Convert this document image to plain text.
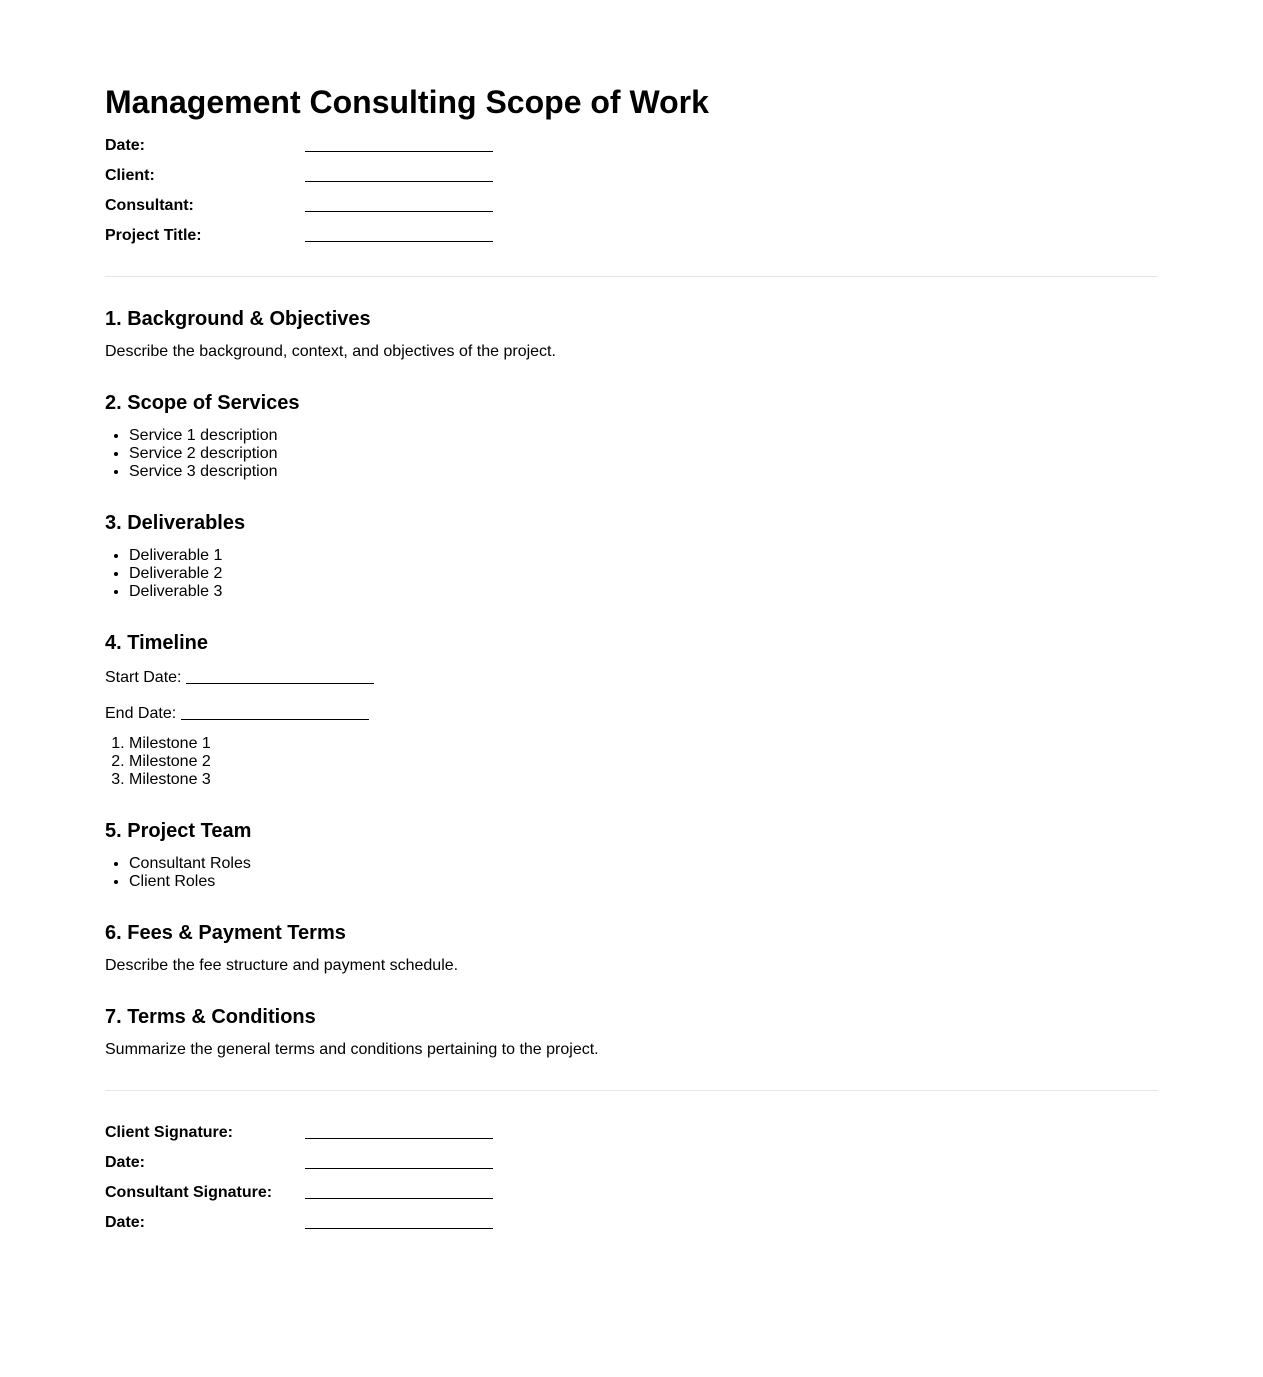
Management Consulting Scope of Work
Date:
Client:
Consultant:
Project Title:
1. Background & Objectives

Describe the background, context, and objectives of the project.

2. Scope of Services
• Service 1 description
• Service 2 description
• Service 3 description
3. Deliverables
• Deliverable 1
• Deliverable 2
• Deliverable 3
4. Timeline

Start Date:

End Date:

1. Milestone 1
2. Milestone 2
3. Milestone 3
5. Project Team
• Consultant Roles
• Client Roles
6. Fees & Payment Terms

Describe the fee structure and payment schedule.

7. Terms & Conditions

Summarize the general terms and conditions pertaining to the project.

Client Signature:
Date:
Consultant Signature:
Date:
